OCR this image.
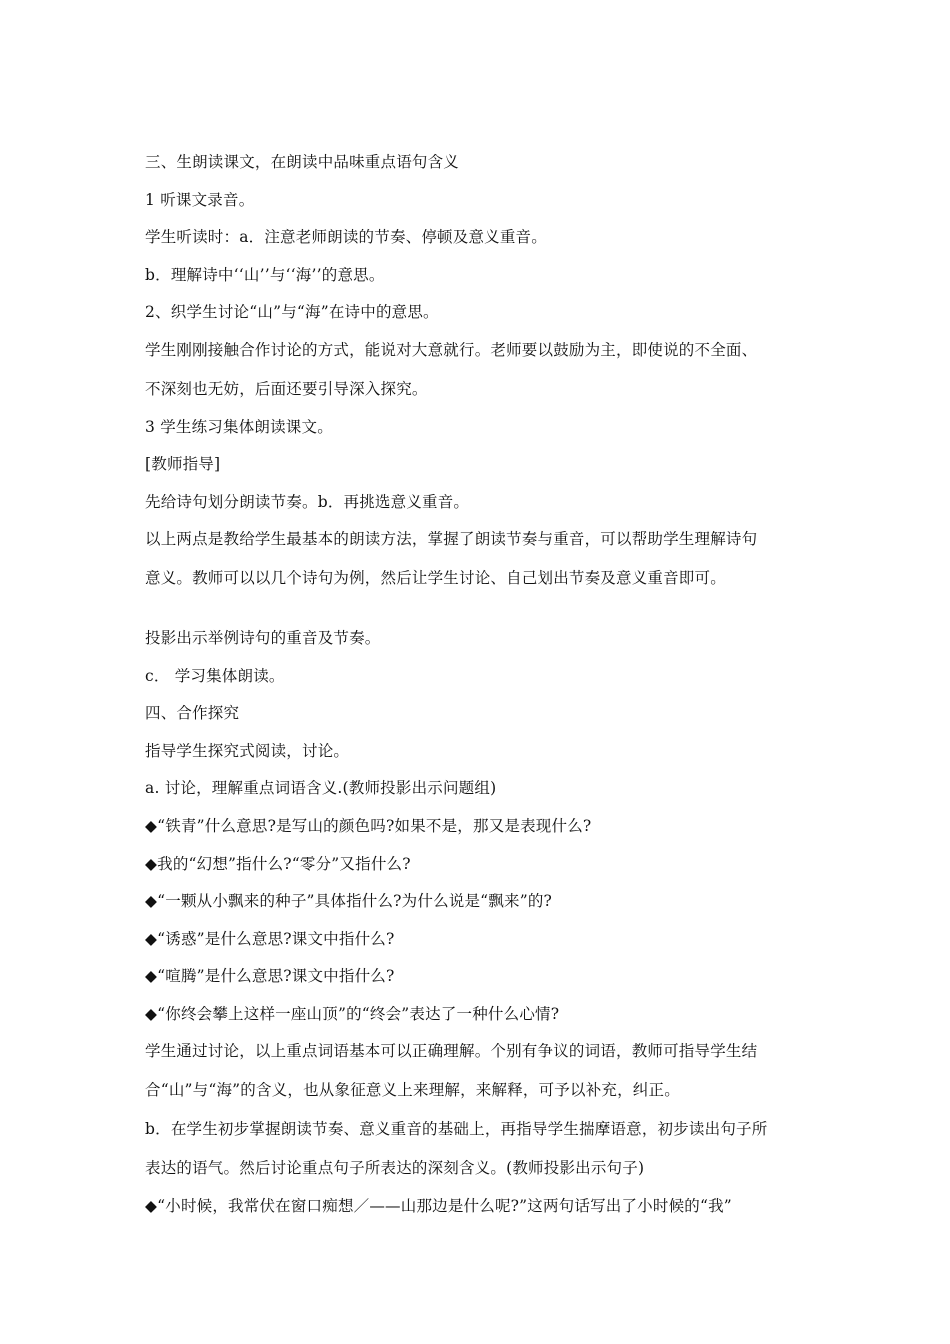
三、生朗读课文，在朗读中品味重点语句含义
1 听课文录音。
学生听读时：a．注意老师朗读的节奏、停顿及意义重音。
b．理解诗中‘‘山’’与‘‘海’’的意思。
2、织学生讨论“山”与“海”在诗中的意思。
学生刚刚接触合作讨论的方式，能说对大意就行。老师要以鼓励为主，即使说的不全面、
不深刻也无妨，后面还要引导深入探究。
3 学生练习集体朗读课文。
[教师指导]
先给诗句划分朗读节奏。b．再挑选意义重音。
以上两点是教给学生最基本的朗读方法，掌握了朗读节奏与重音，可以帮助学生理解诗句
意义。教师可以以几个诗句为例，然后让学生讨论、自己划出节奏及意义重音即可。
投影出示举例诗句的重音及节奏。
c． 学习集体朗读。
四、合作探究
指导学生探究式阅读，讨论。
a. 讨论，理解重点词语含义.(教师投影出示问题组)
◆“铁青”什么意思?是写山的颜色吗?如果不是，那又是表现什么?
◆我的“幻想”指什么?“零分”又指什么?
◆“一颗从小飘来的种子”具体指什么?为什么说是“飘来”的?
◆“诱惑”是什么意思?课文中指什么?
◆“喧腾”是什么意思?课文中指什么?
◆“你终会攀上这样一座山顶”的“终会”表达了一种什么心情?
学生通过讨论，以上重点词语基本可以正确理解。个别有争议的词语，教师可指导学生结
合“山”与“海”的含义，也从象征意义上来理解，来解释，可予以补充，纠正。
b．在学生初步掌握朗读节奏、意义重音的基础上，再指导学生揣摩语意，初步读出句子所
表达的语气。然后讨论重点句子所表达的深刻含义。(教师投影出示句子)
◆“小时候，我常伏在窗口痴想／——山那边是什么呢?”这两句话写出了小时候的“我”
